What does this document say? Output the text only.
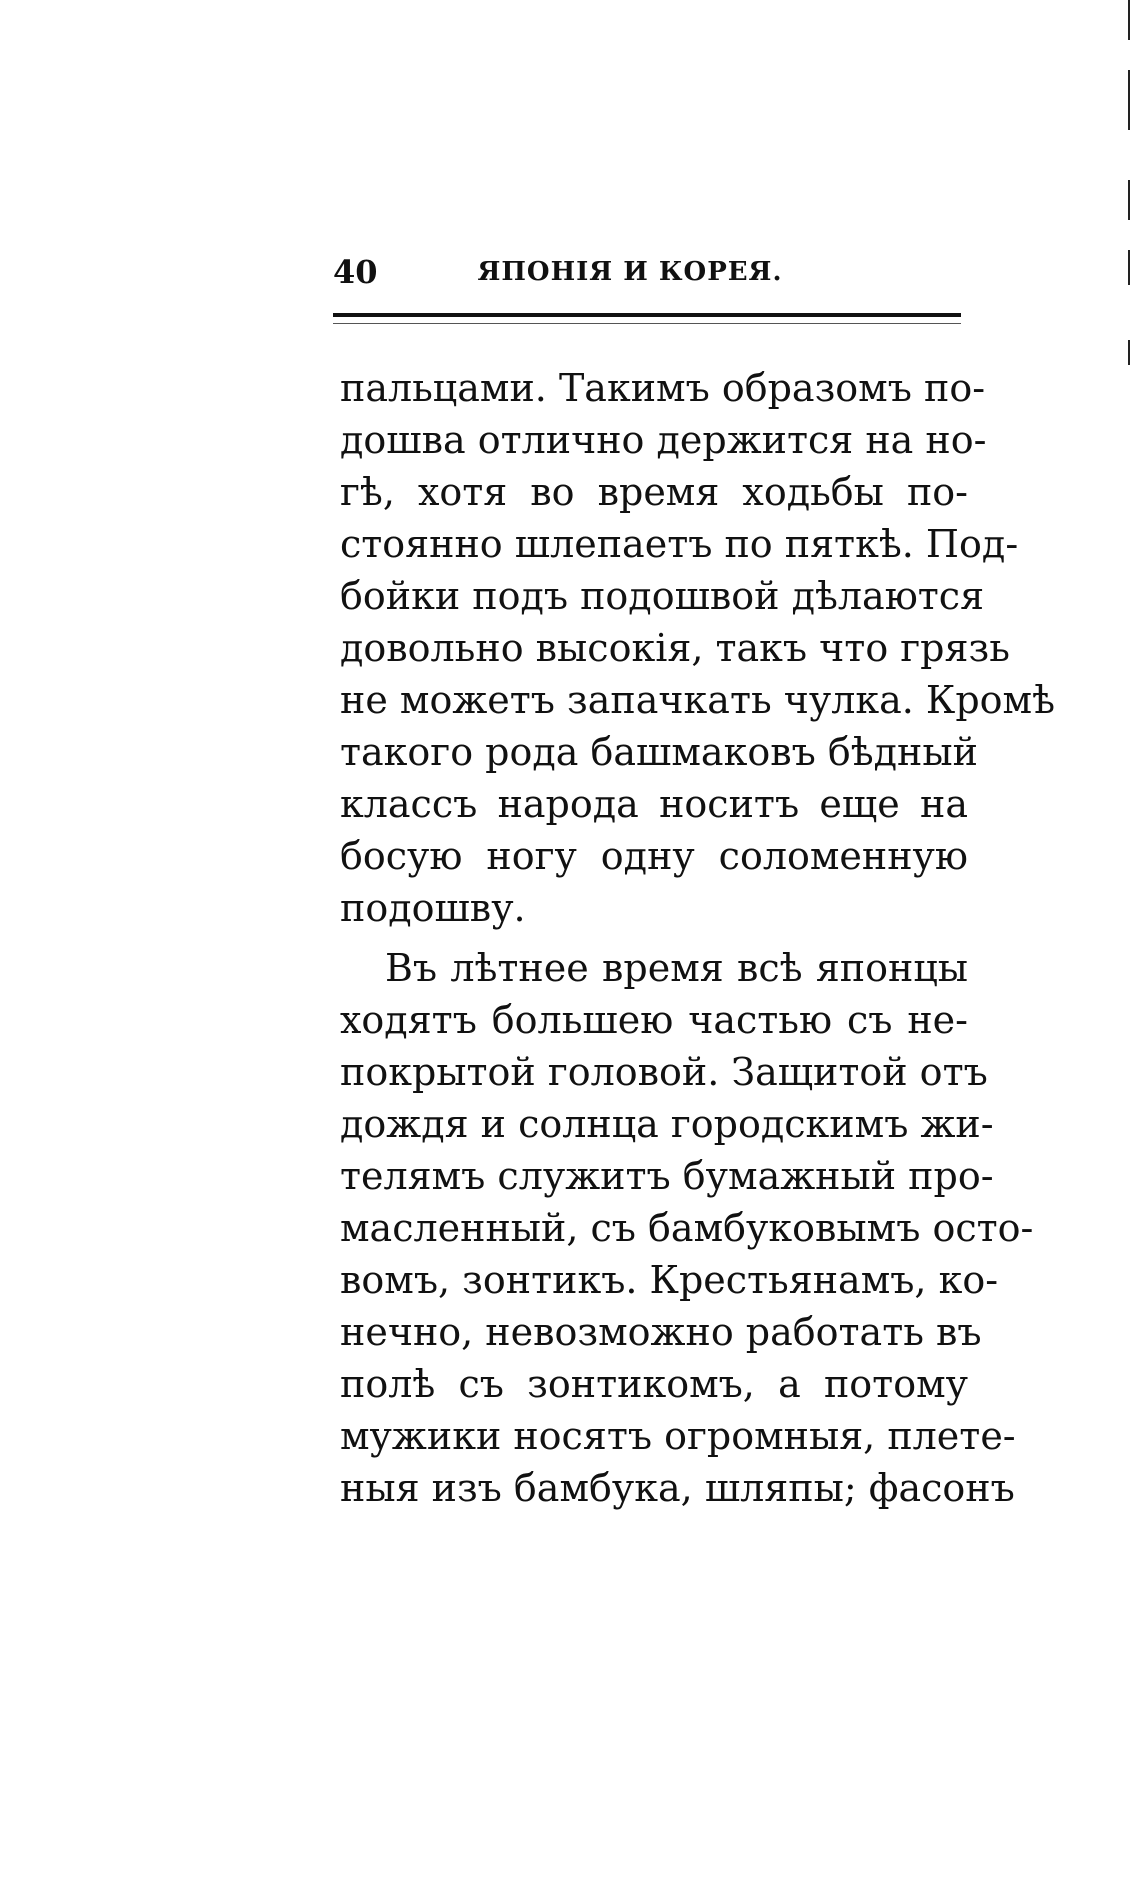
40	ЯПОНІЯ И КОРЕЯ.
пальцами. Такимъ образомъ по-
дошва отлично держится на но-
гѣ, хотя во время ходьбы по-
стоянно шлепаетъ по пяткѣ. Под-
бойки подъ подошвой дѣлаются
довольно высокія, такъ что грязь
не можетъ запачкать чулка. Кромѣ
такого рода башмаковъ бѣдный
классъ народа носитъ еще на
босую ногу одну соломенную
подошву.
Въ лѣтнее время всѣ японцы
ходятъ большею частью съ не-
покрытой головой. Защитой отъ
дождя и солнца городскимъ жи-
телямъ служитъ бумажный про-
масленный, съ бамбуковымъ осто-
вомъ, зонтикъ. Крестьянамъ, ко-
нечно, невозможно работать въ
полѣ съ зонтикомъ, а потому
мужики носятъ огромныя, плете-
ныя изъ бамбука, шляпы; фасонъ
